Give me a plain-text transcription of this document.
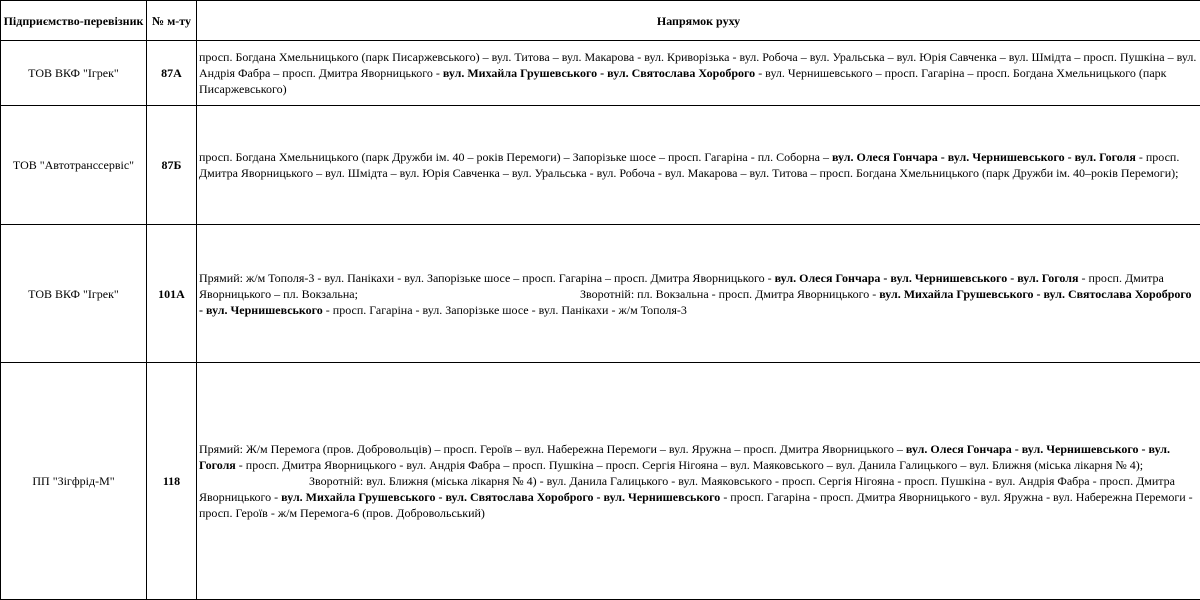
Підприємство-перевізник	№ м-ту	Напрямок руху
ТОВ ВКФ "Ігрек"	87А	просп. Богдана Хмельницького (парк Писаржевського) – вул. Титова – вул. Макарова - вул. Криворізька - вул. Робоча – вул. Уральська – вул. Юрія Савченка – вул. Шмідта – просп. Пушкіна – вул. Андрія Фабра – просп. Дмитра Яворницького - вул. Михайла Грушевського - вул. Святослава Хороброго - вул. Чернишевського – просп. Гагаріна – просп. Богдана Хмельницького (парк Писаржевського)
ТОВ "Автотранссервіс"	87Б	просп. Богдана Хмельницького (парк Дружби ім. 40 – років Перемоги) – Запорізьке шосе – просп. Гагаріна - пл. Соборна – вул. Олеся Гончара - вул. Чернишевського - вул. Гоголя - просп. Дмитра Яворницького – вул. Шмідта – вул. Юрія Савченка – вул. Уральська - вул. Робоча - вул. Макарова – вул. Титова – просп. Богдана Хмельницького (парк Дружби ім. 40–років Перемоги);
ТОВ ВКФ "Ігрек"	101А	Прямий: ж/м Тополя-3 - вул. Панікахи - вул. Запорізьке шосе – просп. Гагаріна – просп. Дмитра Яворницького - вул. Олеся Гончара - вул. Чернишевського - вул. Гоголя - просп. Дмитра Яворницького – пл. Вокзальна; Зворотній: пл. Вокзальна - просп. Дмитра Яворницького - вул. Михайла Грушевського - вул. Святослава Хороброго - вул. Чернишевського - просп. Гагаріна - вул. Запорізьке шосе - вул. Панікахи - ж/м Тополя-3
ПП "Зігфрід-М"	118	Прямий: Ж/м Перемога (пров. Добровольців) – просп. Героїв – вул. Набережна Перемоги – вул. Яружна – просп. Дмитра Яворницького – вул. Олеся Гончара - вул. Чернишевського - вул. Гоголя - просп. Дмитра Яворницького - вул. Андрія Фабра – просп. Пушкіна – просп. Сергія Нігояна – вул. Маяковського – вул. Данила Галицького – вул. Ближня (міська лікарня № 4);Зворотній: вул. Ближня (міська лікарня № 4) - вул. Данила Галицького - вул. Маяковського - просп. Сергія Нігояна - просп. Пушкіна - вул. Андрія Фабра - просп. Дмитра Яворницького - вул. Михайла Грушевського - вул. Святослава Хороброго - вул. Чернишевського - просп. Гагаріна - просп. Дмитра Яворницького - вул. Яружна - вул. Набережна Перемоги - просп. Героїв - ж/м Перемога-6 (пров. Добровольський)
